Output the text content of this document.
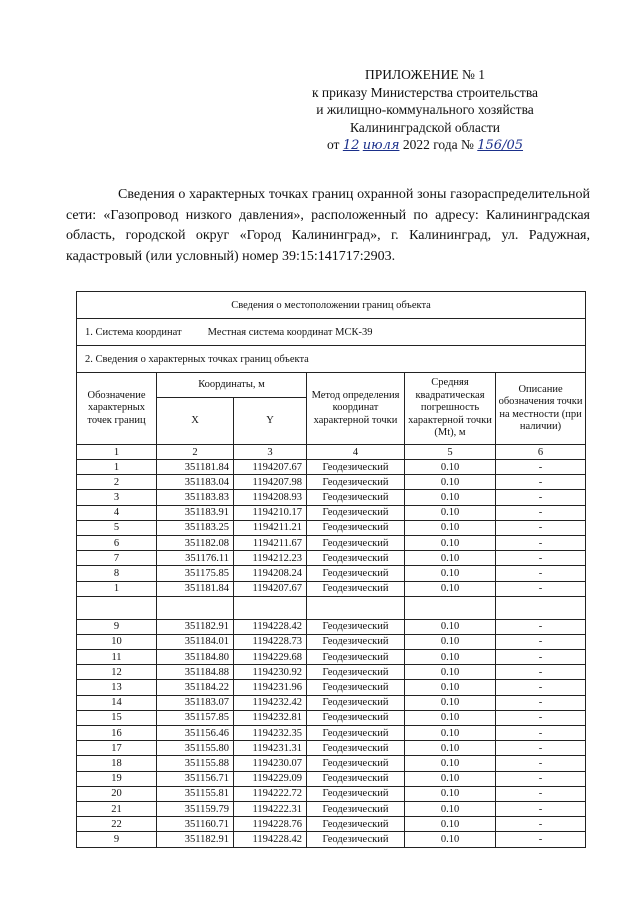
ПРИЛОЖЕНИЕ № 1
к приказу Министерства строительства
и жилищно-коммунального хозяйства
Калининградской области
от 12 июля 2022 года № 156/05

Сведения о характерных точках границ охранной зоны газораспределительной сети: «Газопровод низкого давления», расположенный по адресу: Калининградская область, городской округ «Город Калининград», г. Калининград, ул. Радужная, кадастровый (или условный) номер 39:15:141717:2903.

Сведения о местоположении границ объекта					
1. Система координат Местная система координат МСК-39					
2. Сведения о характерных точках границ объекта					
Обозначение характерных точек границ	Координаты, м		Метод определения координат характерной точки	Средняя квадратическая погрешность характерной точки (Mt), м	Описание обозначения точки на местности (при наличии)
	X	Y			
1	2	3	4	5	6
1	351181.84	1194207.67	Геодезический	0.10	-
2	351183.04	1194207.98	Геодезический	0.10	-
3	351183.83	1194208.93	Геодезический	0.10	-
4	351183.91	1194210.17	Геодезический	0.10	-
5	351183.25	1194211.21	Геодезический	0.10	-
6	351182.08	1194211.67	Геодезический	0.10	-
7	351176.11	1194212.23	Геодезический	0.10	-
8	351175.85	1194208.24	Геодезический	0.10	-
1	351181.84	1194207.67	Геодезический	0.10	-

9	351182.91	1194228.42	Геодезический	0.10	-
10	351184.01	1194228.73	Геодезический	0.10	-
11	351184.80	1194229.68	Геодезический	0.10	-
12	351184.88	1194230.92	Геодезический	0.10	-
13	351184.22	1194231.96	Геодезический	0.10	-
14	351183.07	1194232.42	Геодезический	0.10	-
15	351157.85	1194232.81	Геодезический	0.10	-
16	351156.46	1194232.35	Геодезический	0.10	-
17	351155.80	1194231.31	Геодезический	0.10	-
18	351155.88	1194230.07	Геодезический	0.10	-
19	351156.71	1194229.09	Геодезический	0.10	-
20	351155.81	1194222.72	Геодезический	0.10	-
21	351159.79	1194222.31	Геодезический	0.10	-
22	351160.71	1194228.76	Геодезический	0.10	-
9	351182.91	1194228.42	Геодезический	0.10	-
